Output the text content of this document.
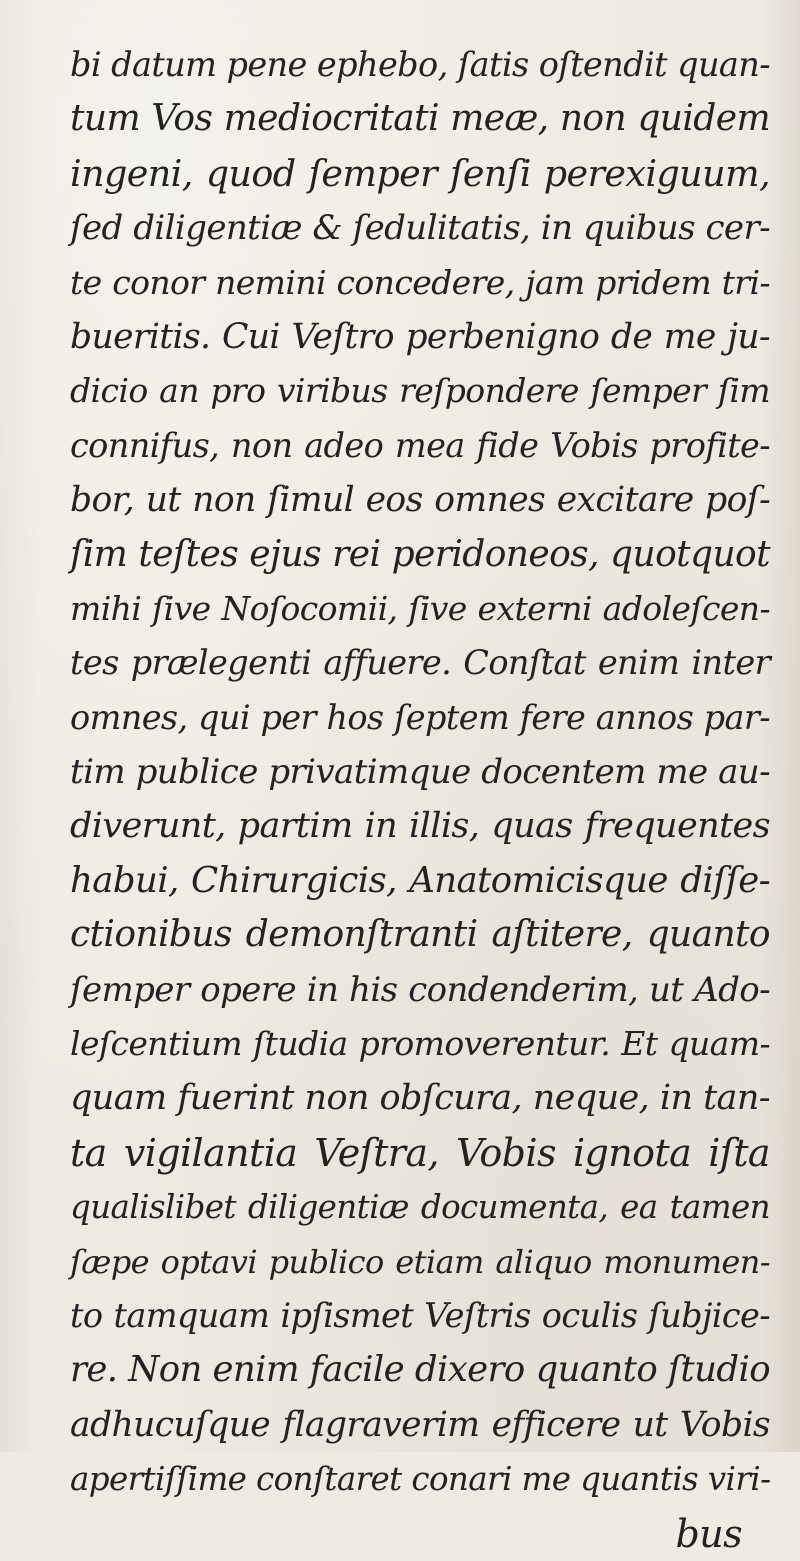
bi datum pene ephebo, ſatis oſtendit quan-
tum Vos mediocritati meæ, non quidem
ingeni, quod ſemper ſenſi perexiguum,
ſed diligentiæ & ſedulitatis, in quibus cer-
te conor nemini concedere, jam pridem tri-
bueritis. Cui Veſtro perbenigno de me ju-
dicio an pro viribus reſpondere ſemper ſim
connifus, non adeo mea fide Vobis profite-
bor, ut non ſimul eos omnes excitare poſ-
ſim teſtes ejus rei peridoneos, quotquot
mihi ſive Noſocomii, ſive externi adoleſcen-
tes prælegenti affuere. Conſtat enim inter
omnes, qui per hos ſeptem fere annos par-
tim publice privatimque docentem me au-
diverunt, partim in illis, quas frequentes
habui, Chirurgicis, Anatomicisque diſſe-
ctionibus demonſtranti aſtitere, quanto
ſemper opere in his condenderim, ut Ado-
leſcentium ſtudia promoverentur. Et quam-
quam fuerint non obſcura, neque, in tan-
ta vigilantia Veſtra, Vobis ignota iſta
qualislibet diligentiæ documenta, ea tamen
ſæpe optavi publico etiam aliquo monumen-
to tamquam ipſismet Veſtris oculis ſubjice-
re. Non enim facile dixero quanto ſtudio
adhucuſque flagraverim efficere ut Vobis
apertiſſime conſtaret conari me quantis viri-
bus
